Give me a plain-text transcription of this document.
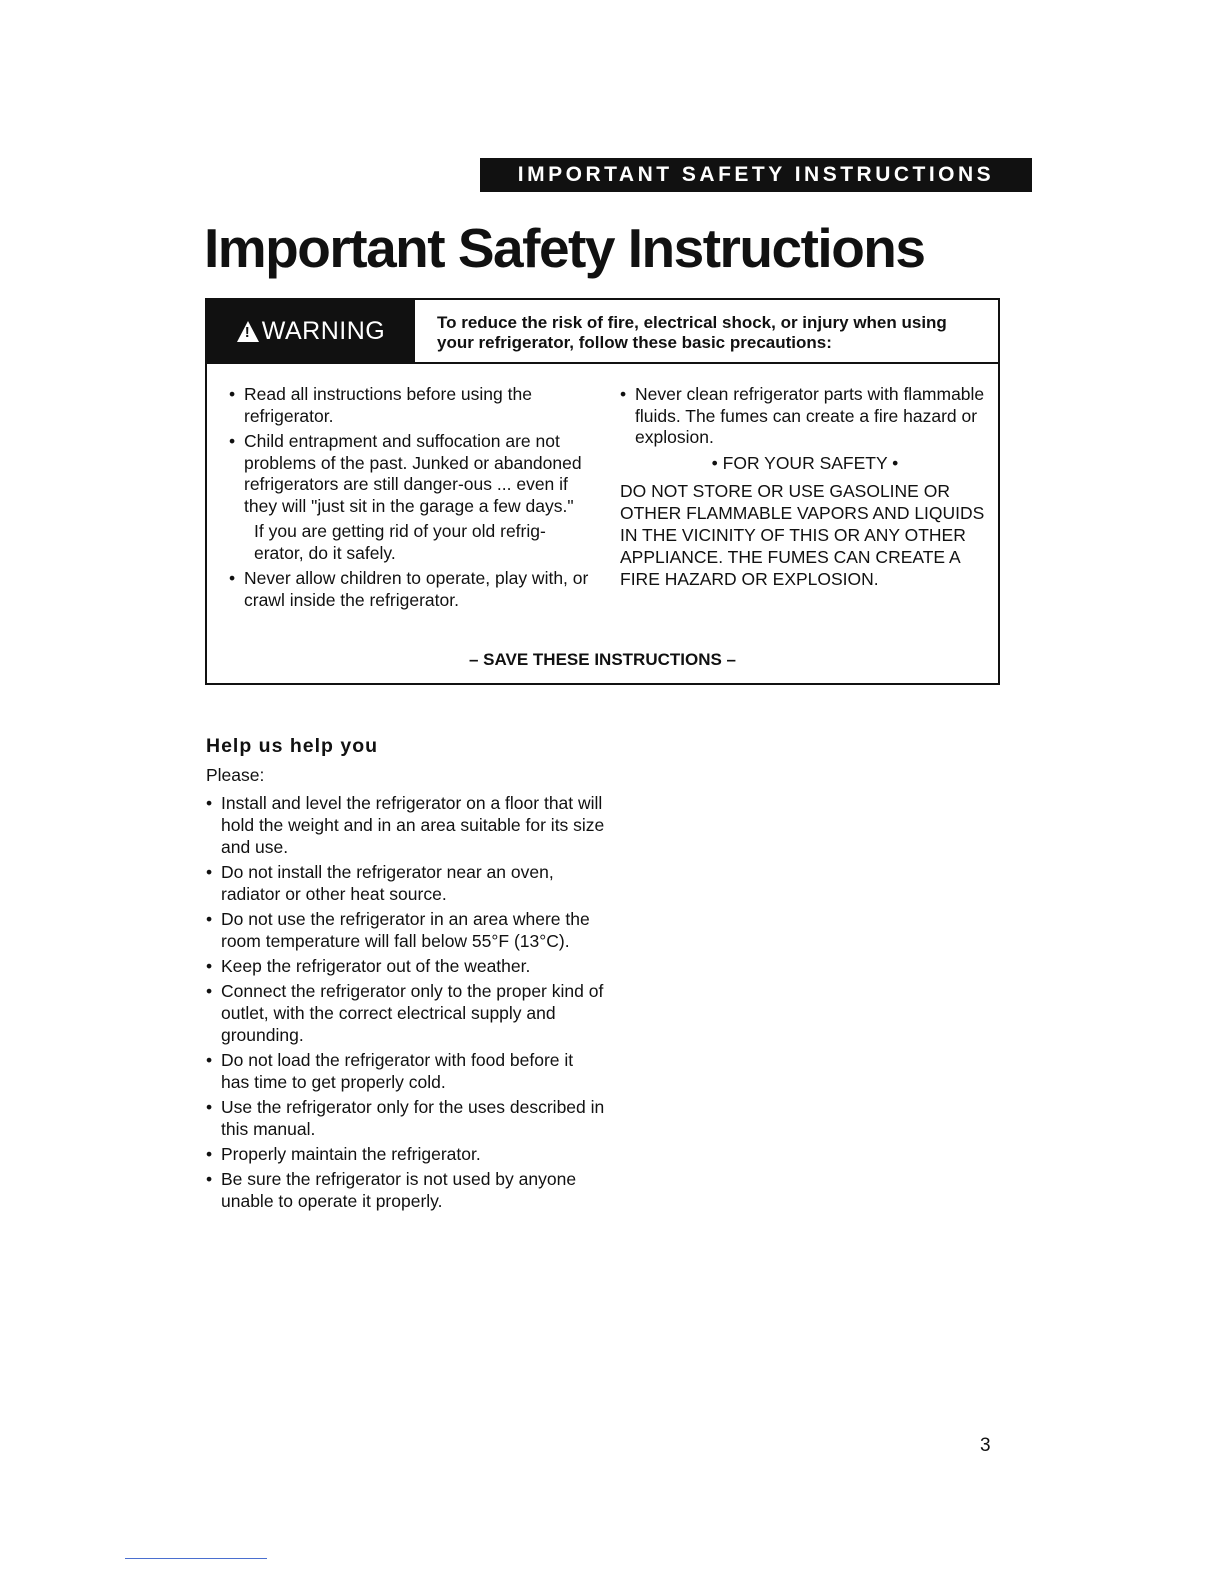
IMPORTANT SAFETY INSTRUCTIONS
Important Safety Instructions
!
WARNING	To reduce the risk of fire, electrical shock, or injury when using your refrigerator, follow these basic precautions:
• Read all instructions before using the refrigerator.
• Child entrapment and suffocation are not problems of the past. Junked or abandoned refrigerators are still danger-ous ... even if they will "just sit in the garage a few days."
If you are getting rid of your old refrig-erator, do it safely.
• Never allow children to operate, play with, or crawl inside the refrigerator.
• Never clean refrigerator parts with flammable fluids. The fumes can create a fire hazard or explosion.
• FOR YOUR SAFETY •
DO NOT STORE OR USE GASOLINE OR OTHER FLAMMABLE VAPORS AND LIQUIDS IN THE VICINITY OF THIS OR ANY OTHER APPLIANCE. THE FUMES CAN CREATE A FIRE HAZARD OR EXPLOSION.
– SAVE THESE INSTRUCTIONS –
Help us help you
Please:
• Install and level the refrigerator on a floor that will hold the weight and in an area suitable for its size and use.
• Do not install the refrigerator near an oven, radiator or other heat source.
• Do not use the refrigerator in an area where the room temperature will fall below 55°F (13°C).
• Keep the refrigerator out of the weather.
• Connect the refrigerator only to the proper kind of outlet, with the correct electrical supply and grounding.
• Do not load the refrigerator with food before it has time to get properly cold.
• Use the refrigerator only for the uses described in this manual.
• Properly maintain the refrigerator.
• Be sure the refrigerator is not used by anyone unable to operate it properly.
3
